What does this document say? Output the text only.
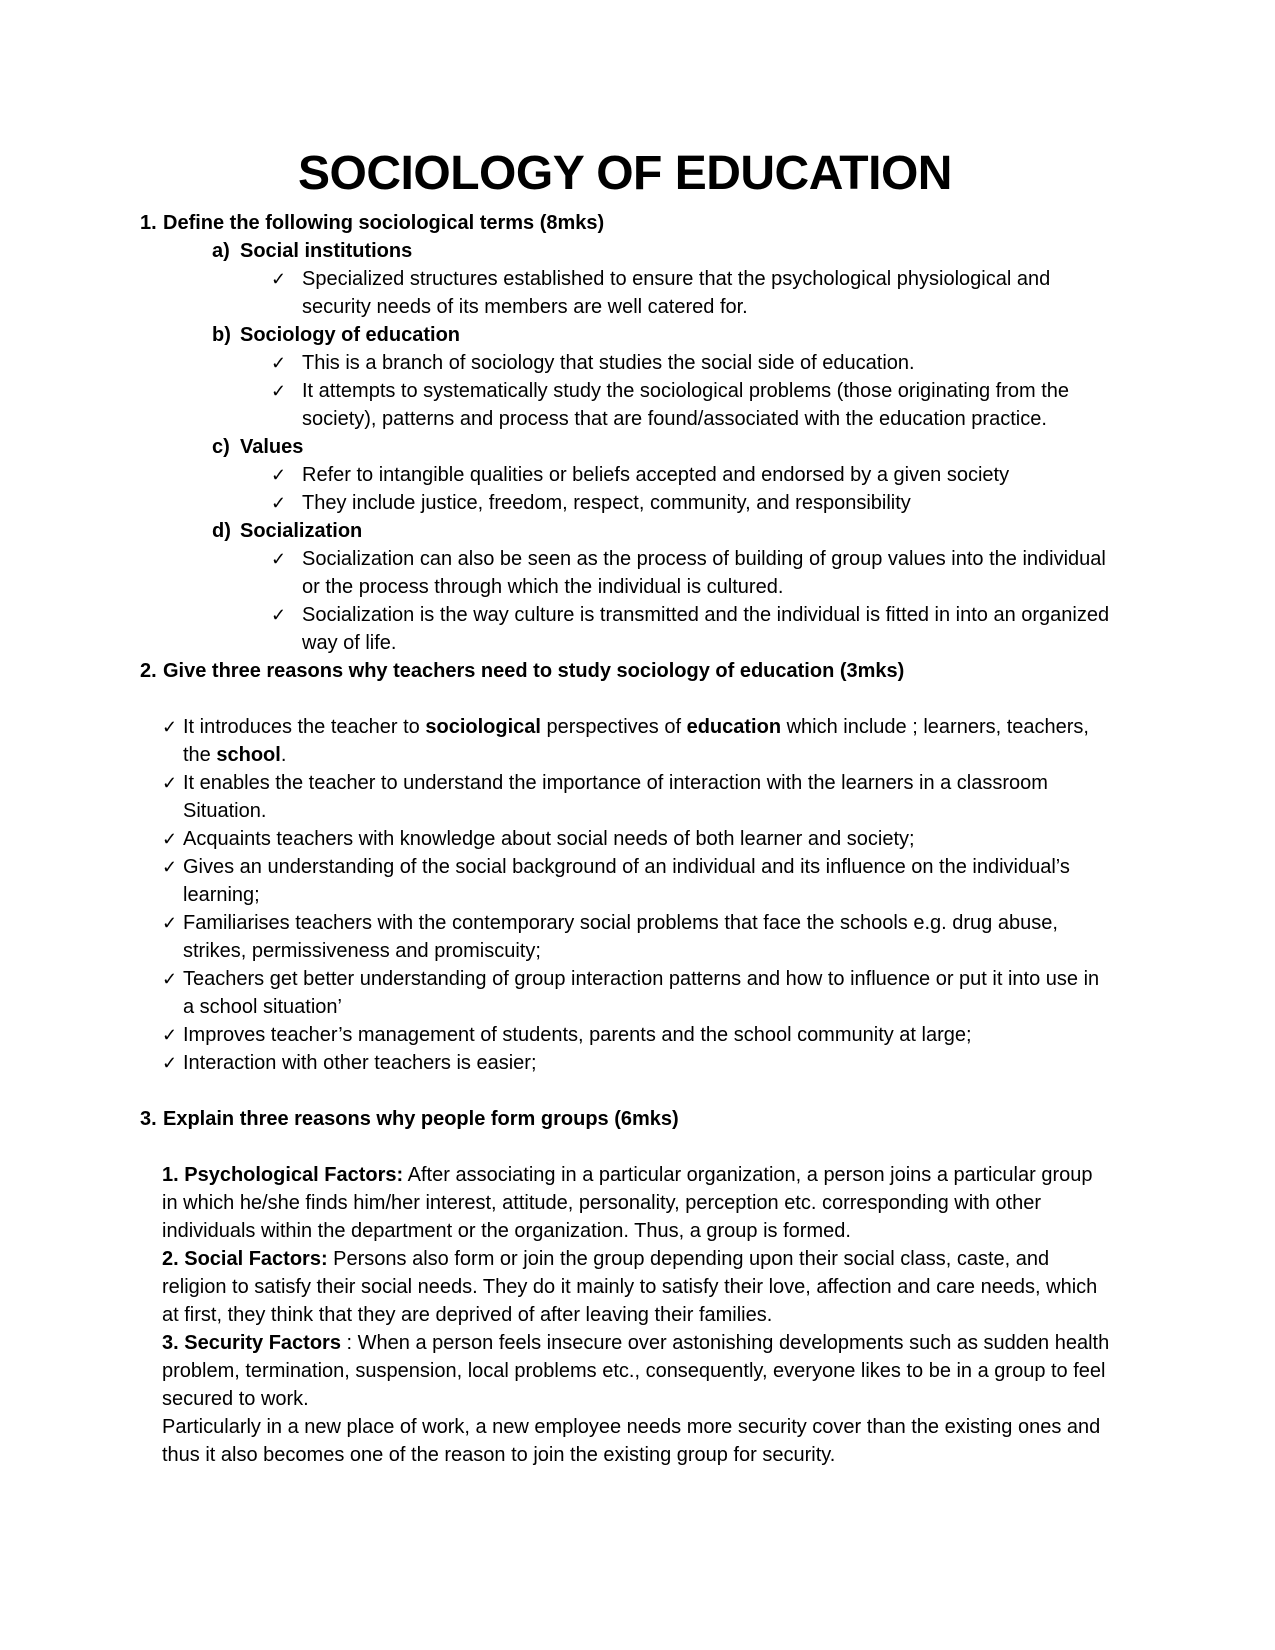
SOCIOLOGY OF EDUCATION
1. Define the following sociological terms (8mks)
a) Social institutions
✓ Specialized structures established to ensure that the psychological physiological and security needs of its members are well catered for.
b) Sociology of education
✓ This is a branch of sociology that studies the social side of education.
✓ It attempts to systematically study the sociological problems (those originating from the society), patterns and process that are found/associated with the education practice.
c) Values
✓ Refer to intangible qualities or beliefs accepted and endorsed by a given society
✓ They include justice, freedom, respect, community, and responsibility
d) Socialization
✓ Socialization can also be seen as the process of building of group values into the individual or the process through which the individual is cultured.
✓ Socialization is the way culture is transmitted and the individual is fitted in into an organized way of life.
2. Give three reasons why teachers need to study sociology of education (3mks)
✓ It introduces the teacher to sociological perspectives of education which include ; learners, teachers, the school.
✓ It enables the teacher to understand the importance of interaction with the learners in a classroom Situation.
✓ Acquaints teachers with knowledge about social needs of both learner and society;
✓ Gives an understanding of the social background of an individual and its influence on the individual’s learning;
✓ Familiarises teachers with the contemporary social problems that face the schools e.g. drug abuse, strikes, permissiveness and promiscuity;
✓ Teachers get better understanding of group interaction patterns and how to influence or put it into use in a school situation’
✓ Improves teacher’s management of students, parents and the school community at large;
✓ Interaction with other teachers is easier;
3. Explain three reasons why people form groups (6mks)

1. Psychological Factors: After associating in a particular organization, a person joins a particular group in which he/she finds him/her interest, attitude, personality, perception etc. corresponding with other individuals within the department or the organization. Thus, a group is formed.

2. Social Factors: Persons also form or join the group depending upon their social class, caste, and religion to satisfy their social needs. They do it mainly to satisfy their love, affection and care needs, which at first, they think that they are deprived of after leaving their families.

3. Security Factors : When a person feels insecure over astonishing developments such as sudden health problem, termination, suspension, local problems etc., consequently, everyone likes to be in a group to feel secured to work.

Particularly in a new place of work, a new employee needs more security cover than the existing ones and thus it also becomes one of the reason to join the existing group for security.
